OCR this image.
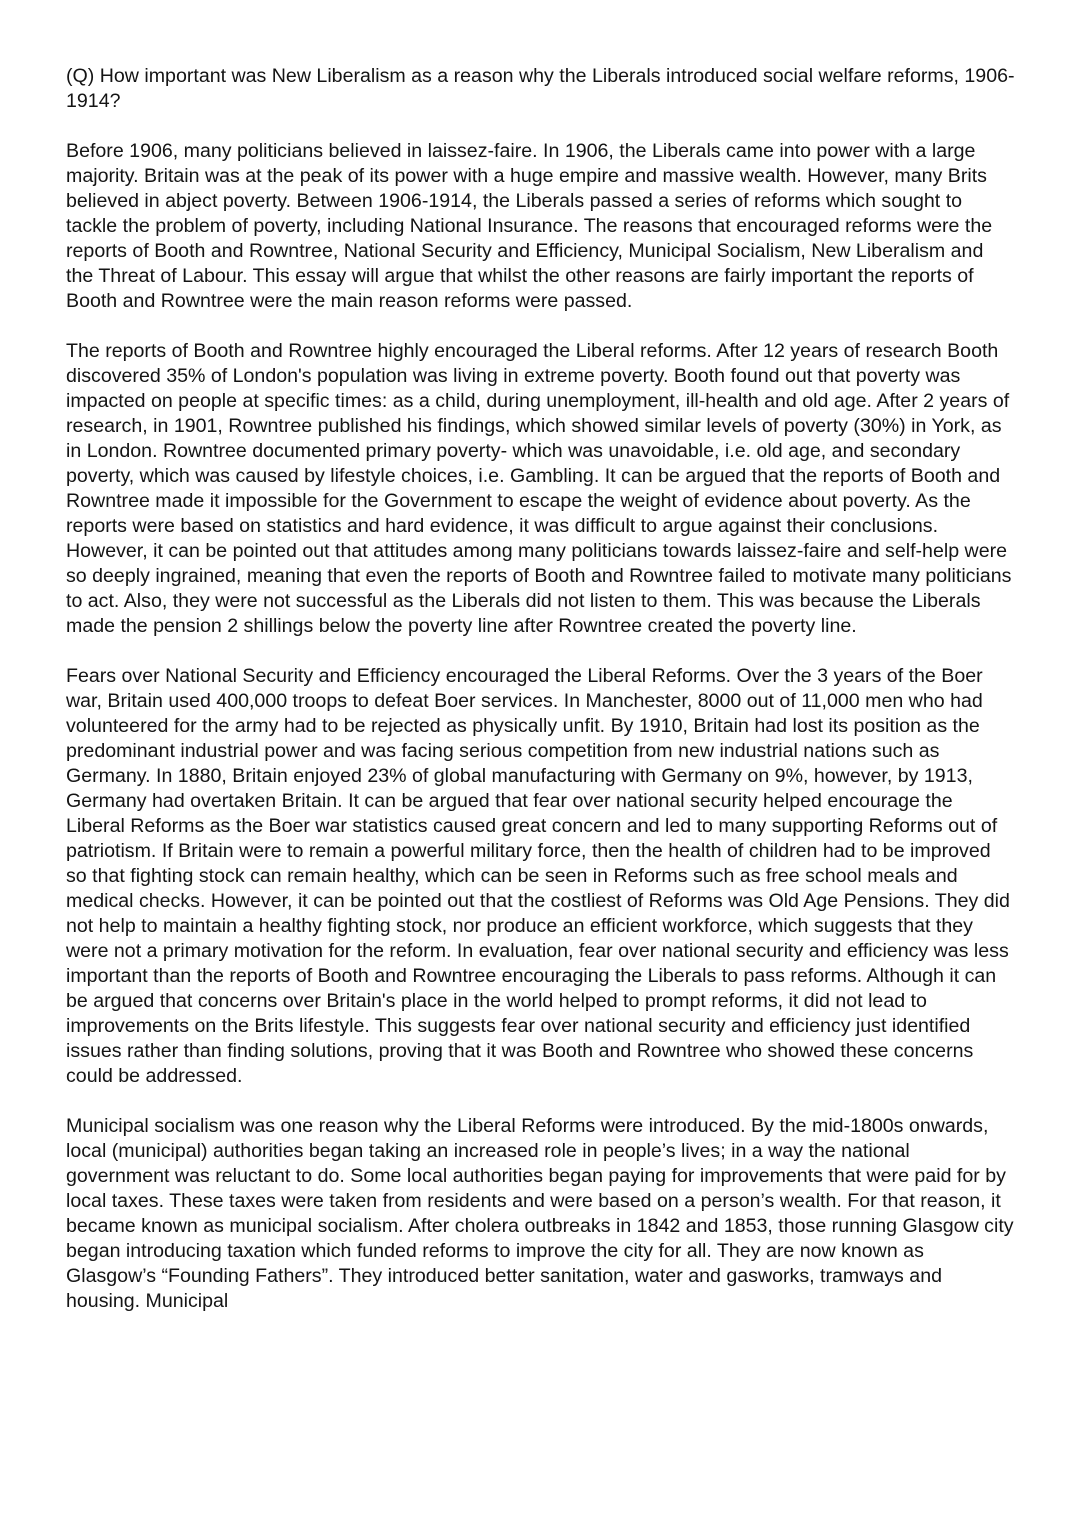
(Q) How important was New Liberalism as a reason why the Liberals introduced social welfare reforms, 1906-1914?

Before 1906, many politicians believed in laissez-faire. In 1906, the Liberals came into power with a large majority. Britain was at the peak of its power with a huge empire and massive wealth. However, many Brits believed in abject poverty. Between 1906-1914, the Liberals passed a series of reforms which sought to tackle the problem of poverty, including National Insurance. The reasons that encouraged reforms were the reports of Booth and Rowntree, National Security and Efficiency, Municipal Socialism, New Liberalism and the Threat of Labour. This essay will argue that whilst the other reasons are fairly important the reports of Booth and Rowntree were the main reason reforms were passed.

The reports of Booth and Rowntree highly encouraged the Liberal reforms. After 12 years of research Booth discovered 35% of London's population was living in extreme poverty. Booth found out that poverty was impacted on people at specific times: as a child, during unemployment, ill-health and old age. After 2 years of research, in 1901, Rowntree published his findings, which showed similar levels of poverty (30%) in York, as in London. Rowntree documented primary poverty- which was unavoidable, i.e. old age, and secondary poverty, which was caused by lifestyle choices, i.e. Gambling. It can be argued that the reports of Booth and Rowntree made it impossible for the Government to escape the weight of evidence about poverty. As the reports were based on statistics and hard evidence, it was difficult to argue against their conclusions. However, it can be pointed out that attitudes among many politicians towards laissez-faire and self-help were so deeply ingrained, meaning that even the reports of Booth and Rowntree failed to motivate many politicians to act. Also, they were not successful as the Liberals did not listen to them. This was because the Liberals made the pension 2 shillings below the poverty line after Rowntree created the poverty line.

Fears over National Security and Efficiency encouraged the Liberal Reforms. Over the 3 years of the Boer war, Britain used 400,000 troops to defeat Boer services. In Manchester, 8000 out of 11,000 men who had volunteered for the army had to be rejected as physically unfit. By 1910, Britain had lost its position as the predominant industrial power and was facing serious competition from new industrial nations such as Germany. In 1880, Britain enjoyed 23% of global manufacturing with Germany on 9%, however, by 1913, Germany had overtaken Britain. It can be argued that fear over national security helped encourage the Liberal Reforms as the Boer war statistics caused great concern and led to many supporting Reforms out of patriotism. If Britain were to remain a powerful military force, then the health of children had to be improved so that fighting stock can remain healthy, which can be seen in Reforms such as free school meals and medical checks. However, it can be pointed out that the costliest of Reforms was Old Age Pensions. They did not help to maintain a healthy fighting stock, nor produce an efficient workforce, which suggests that they were not a primary motivation for the reform. In evaluation, fear over national security and efficiency was less important than the reports of Booth and Rowntree encouraging the Liberals to pass reforms. Although it can be argued that concerns over Britain's place in the world helped to prompt reforms, it did not lead to improvements on the Brits lifestyle. This suggests fear over national security and efficiency just identified issues rather than finding solutions, proving that it was Booth and Rowntree who showed these concerns could be addressed.

Municipal socialism was one reason why the Liberal Reforms were introduced. By the mid-1800s onwards, local (municipal) authorities began taking an increased role in people’s lives; in a way the national government was reluctant to do. Some local authorities began paying for improvements that were paid for by local taxes. These taxes were taken from residents and were based on a person’s wealth. For that reason, it became known as municipal socialism. After cholera outbreaks in 1842 and 1853, those running Glasgow city began introducing taxation which funded reforms to improve the city for all. They are now known as Glasgow’s “Founding Fathers”. They introduced better sanitation, water and gasworks, tramways and housing. Municipal
